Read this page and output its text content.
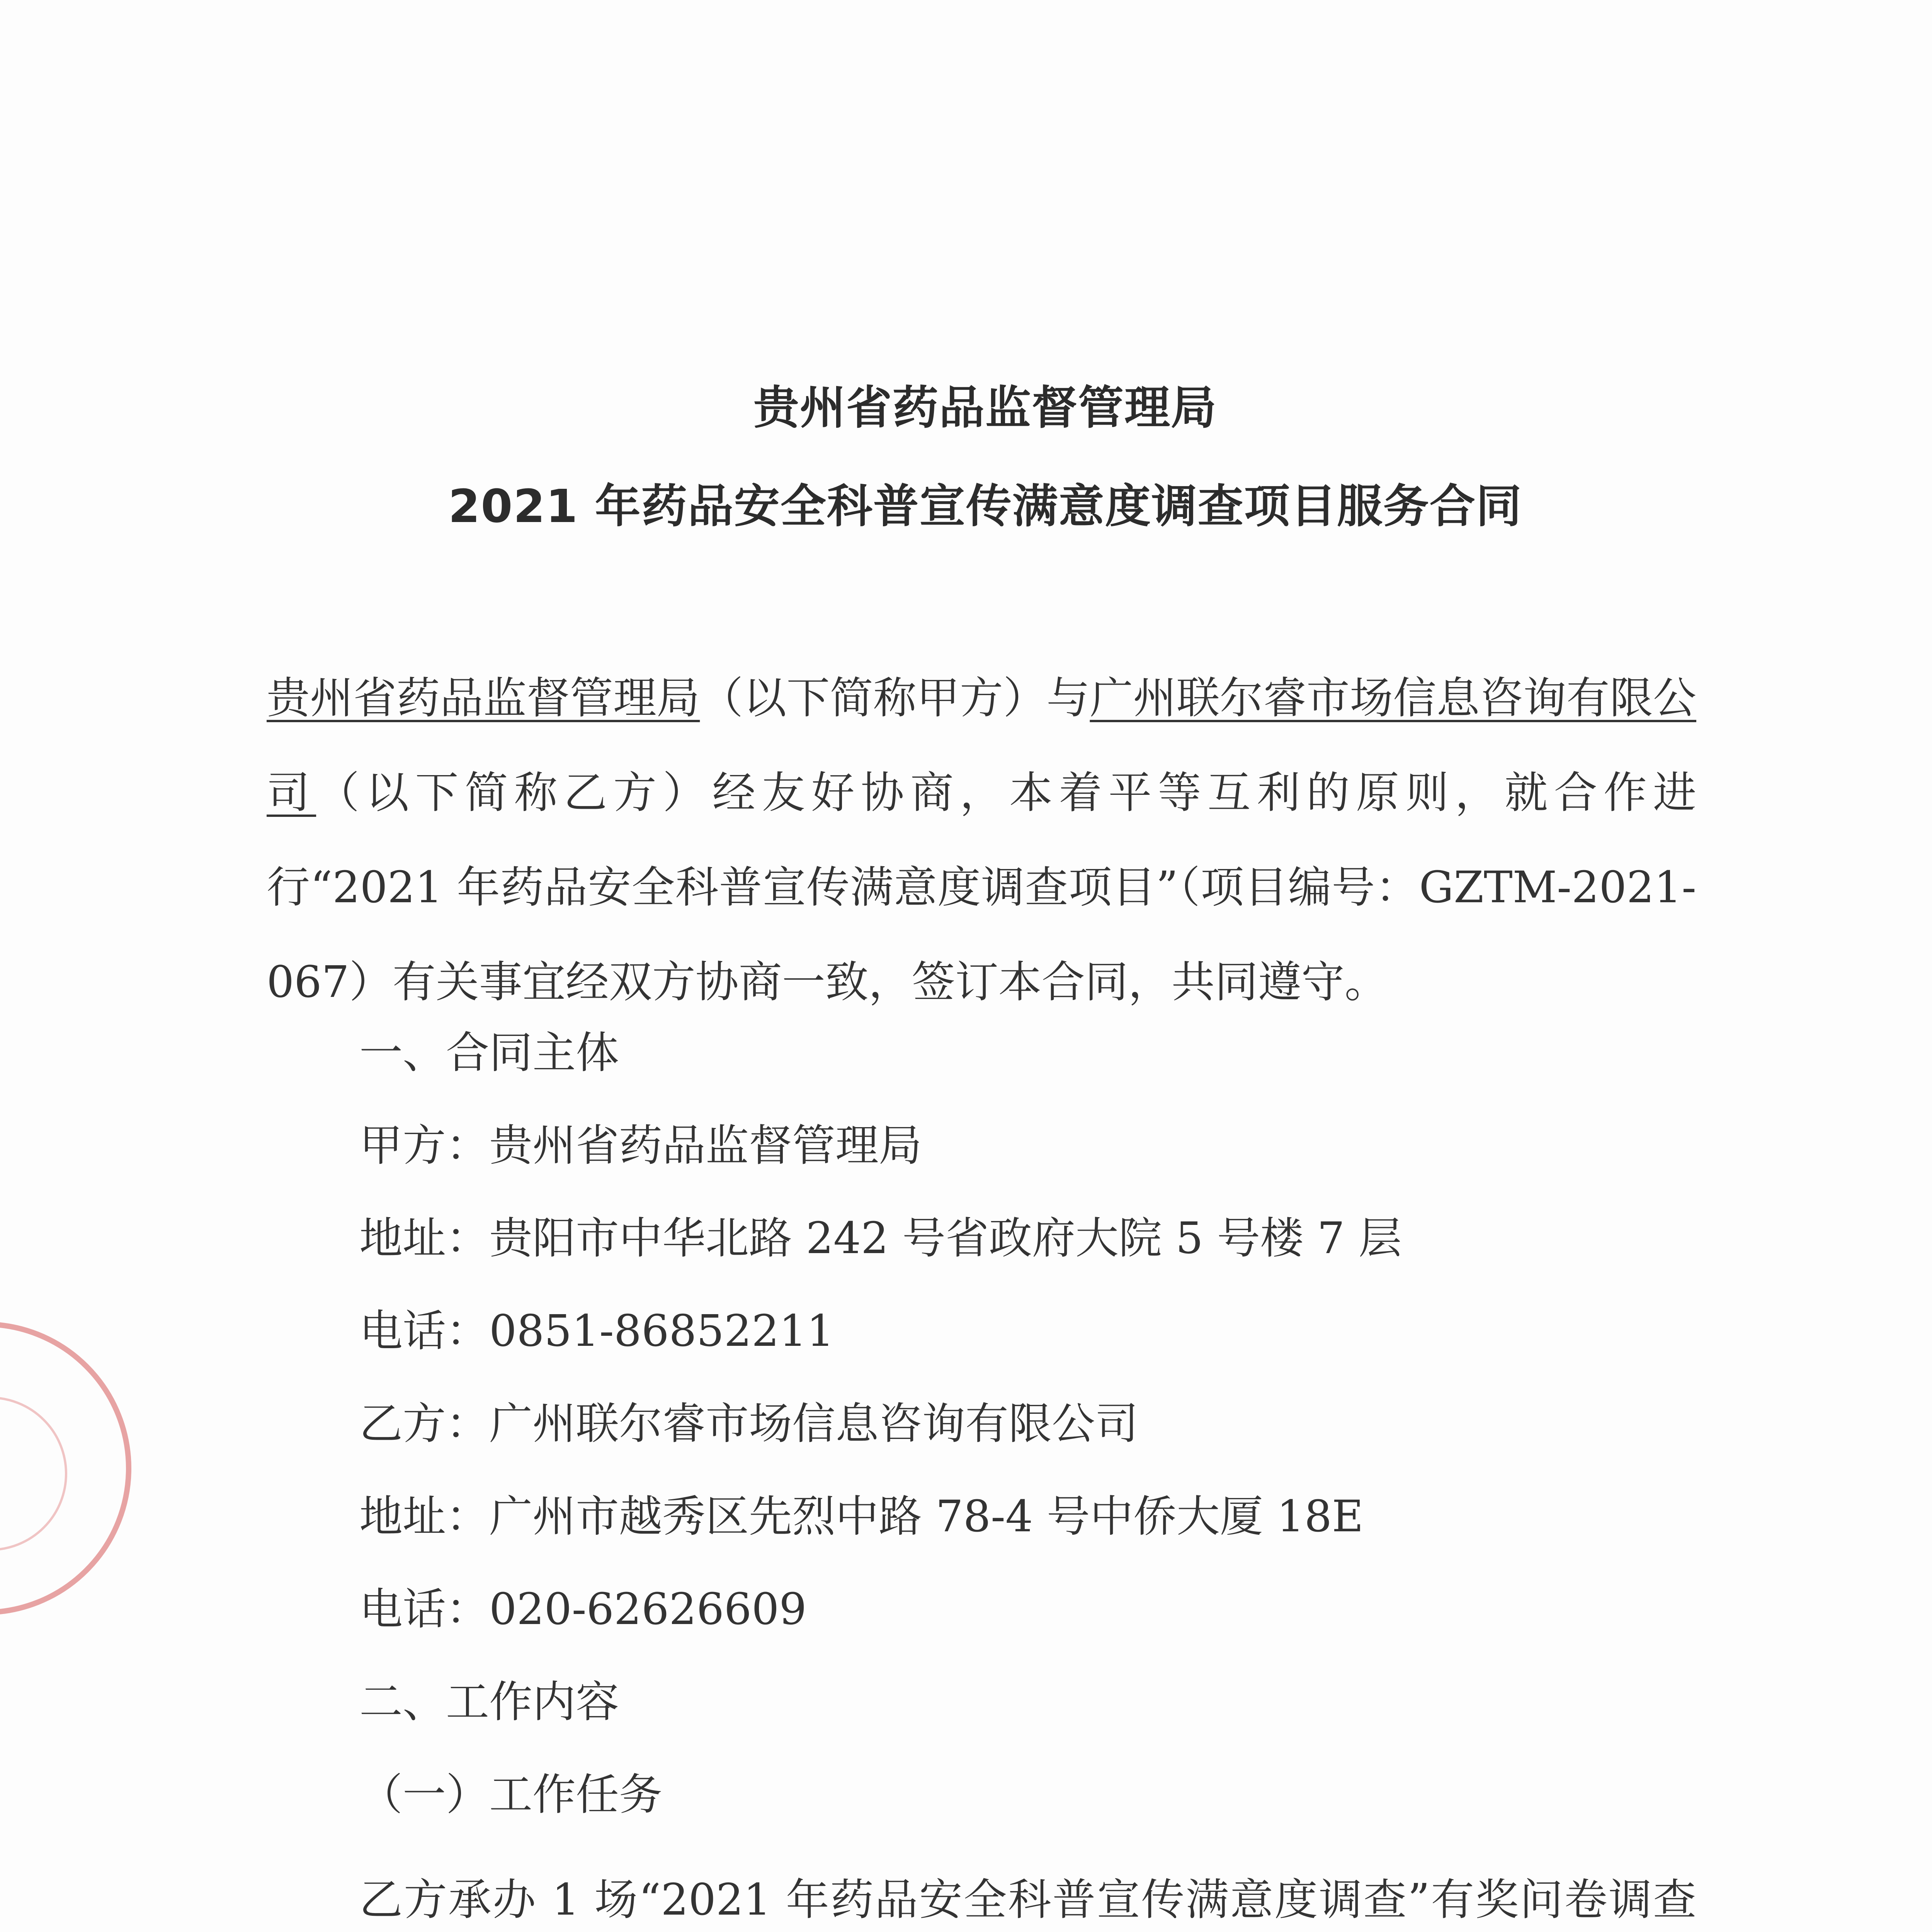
贵州省药品监督管理局
2021 年药品安全科普宣传满意度调查项目服务合同
贵州省药品监督管理局（以下简称甲方）与广州联尔睿市场信息咨询有限公司（以下简称乙方）经友好协商，本着平等互利的原则，就合作进行“2021 年药品安全科普宣传满意度调查项目”（项目编号：GZTM-2021-067）有关事宜经双方协商一致，签订本合同，共同遵守。
一、合同主体
甲方：贵州省药品监督管理局
地址：贵阳市中华北路 242 号省政府大院 5 号楼 7 层
电话：0851-86852211
乙方：广州联尔睿市场信息咨询有限公司
地址：广州市越秀区先烈中路 78-4 号中侨大厦 18E
电话：020-62626609
二、工作内容
（一）工作任务
乙方承办 1 场“2021 年药品安全科普宣传满意度调查”有奖问卷调查
